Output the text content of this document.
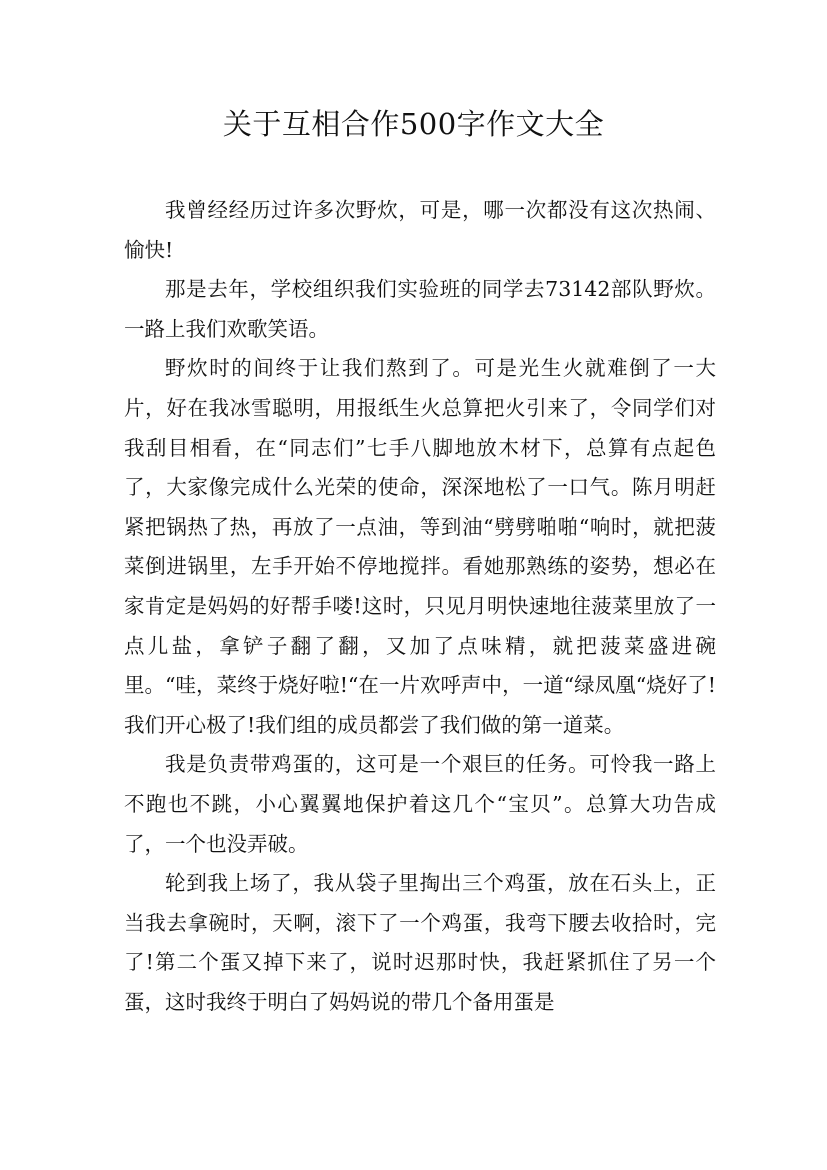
关于互相合作500字作文大全

我曾经经历过许多次野炊，可是，哪一次都没有这次热闹、愉快!

那是去年，学校组织我们实验班的同学去73142部队野炊。一路上我们欢歌笑语。

野炊时的间终于让我们熬到了。可是光生火就难倒了一大片，好在我冰雪聪明，用报纸生火总算把火引来了，令同学们对我刮目相看，在“同志们”七手八脚地放木材下，总算有点起色了，大家像完成什么光荣的使命，深深地松了一口气。陈月明赶紧把锅热了热，再放了一点油，等到油“劈劈啪啪“响时，就把菠菜倒进锅里，左手开始不停地搅拌。看她那熟练的姿势，想必在家肯定是妈妈的好帮手喽!这时，只见月明快速地往菠菜里放了一点儿盐，拿铲子翻了翻，又加了点味精，就把菠菜盛进碗里。“哇，菜终于烧好啦!“在一片欢呼声中，一道“绿凤凰“烧好了!我们开心极了!我们组的成员都尝了我们做的第一道菜。

我是负责带鸡蛋的，这可是一个艰巨的任务。可怜我一路上不跑也不跳，小心翼翼地保护着这几个“宝贝”。总算大功告成了，一个也没弄破。

轮到我上场了，我从袋子里掏出三个鸡蛋，放在石头上，正当我去拿碗时，天啊，滚下了一个鸡蛋，我弯下腰去收拾时，完了!第二个蛋又掉下来了，说时迟那时快，我赶紧抓住了另一个蛋，这时我终于明白了妈妈说的带几个备用蛋是
